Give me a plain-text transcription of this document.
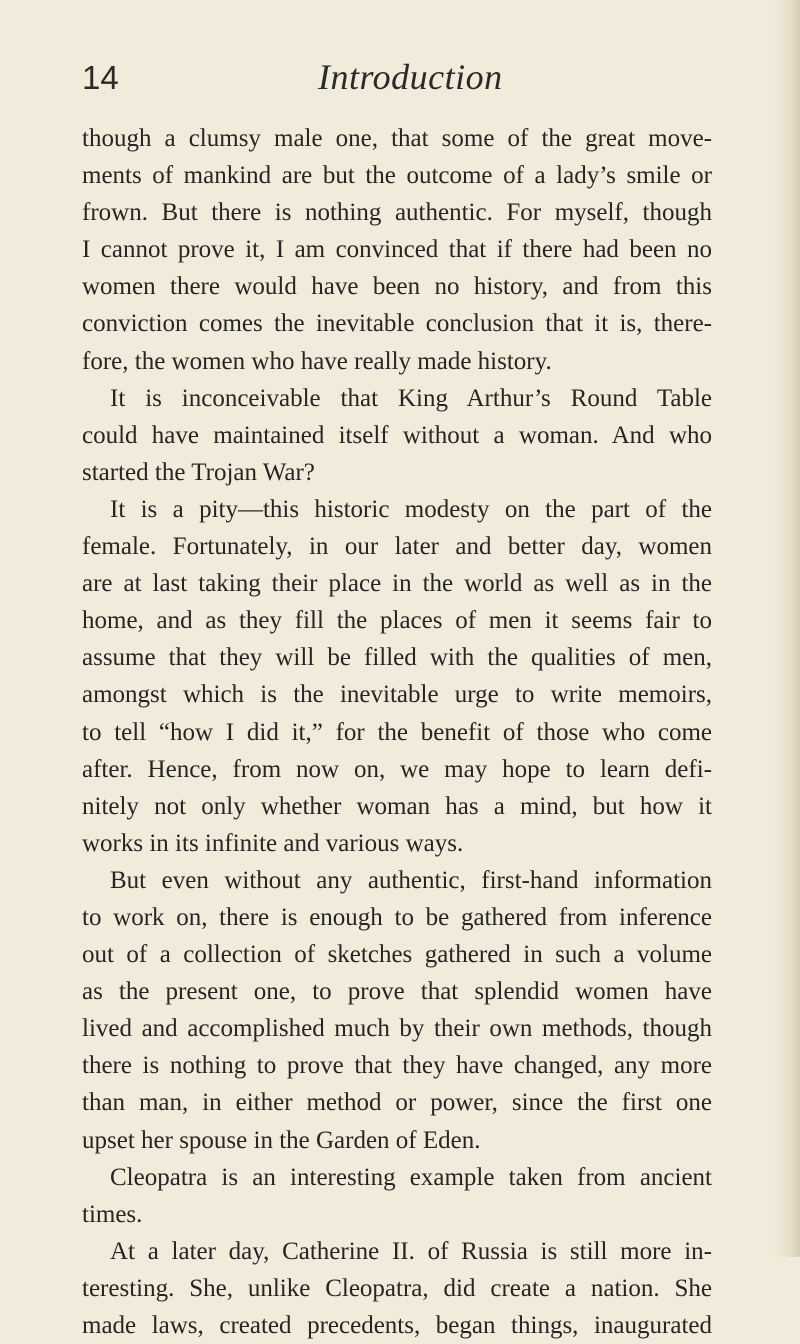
14	Introduction

though a clumsy male one, that some of the great move-
ments of mankind are but the outcome of a lady’s smile or
frown. But there is nothing authentic. For myself, though
I cannot prove it, I am convinced that if there had been no
women there would have been no history, and from this
conviction comes the inevitable conclusion that it is, there-
fore, the women who have really made history.

It is inconceivable that King Arthur’s Round Table
could have maintained itself without a woman. And who
started the Trojan War?

It is a pity—this historic modesty on the part of the
female. Fortunately, in our later and better day, women
are at last taking their place in the world as well as in the
home, and as they fill the places of men it seems fair to
assume that they will be filled with the qualities of men,
amongst which is the inevitable urge to write memoirs,
to tell “how I did it,” for the benefit of those who come
after. Hence, from now on, we may hope to learn defi-
nitely not only whether woman has a mind, but how it
works in its infinite and various ways.

But even without any authentic, first-hand information
to work on, there is enough to be gathered from inference
out of a collection of sketches gathered in such a volume
as the present one, to prove that splendid women have
lived and accomplished much by their own methods, though
there is nothing to prove that they have changed, any more
than man, in either method or power, since the first one
upset her spouse in the Garden of Eden.

Cleopatra is an interesting example taken from ancient
times.

At a later day, Catherine II. of Russia is still more in-
teresting. She, unlike Cleopatra, did create a nation. She
made laws, created precedents, began things, inaugurated
